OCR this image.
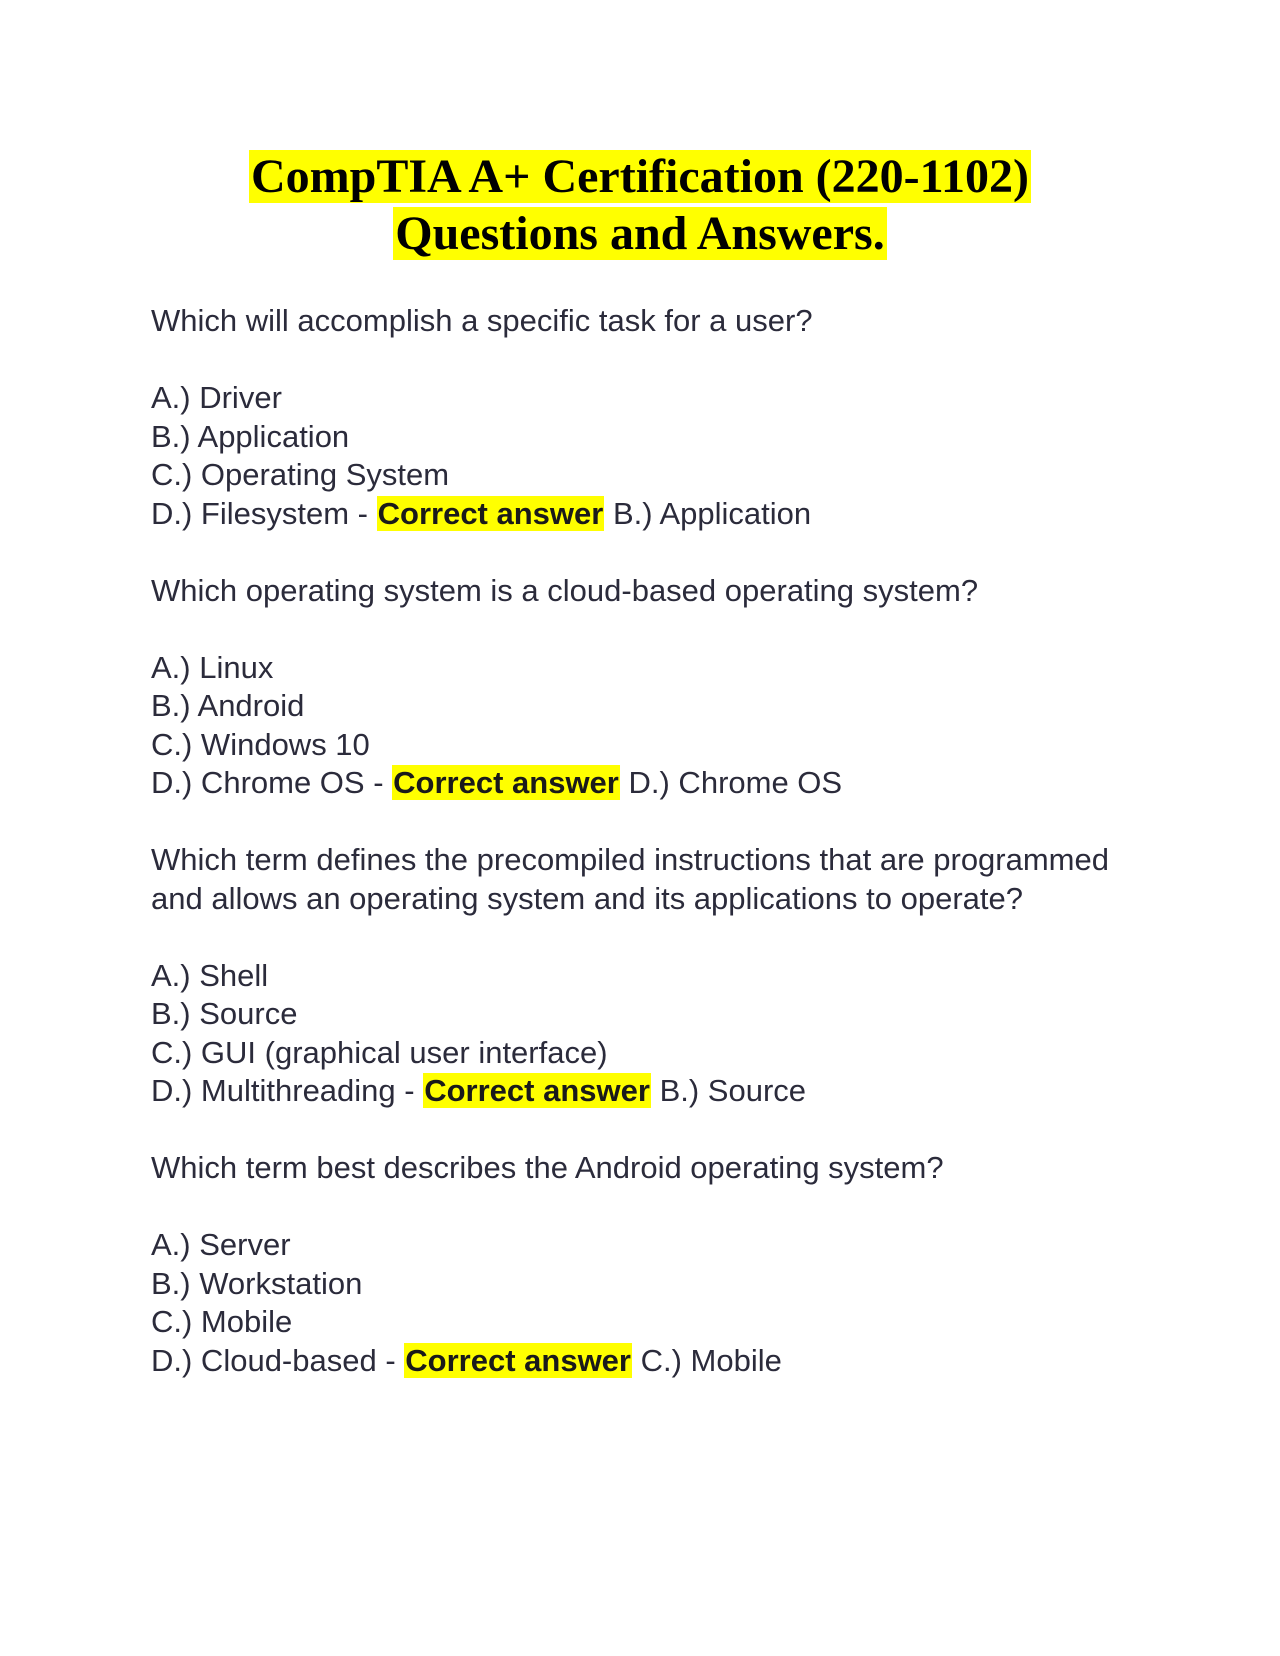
CompTIA A+ Certification (220-1102)
Questions and Answers.
Which will accomplish a specific task for a user?
A.) Driver
B.) Application
C.) Operating System
D.) Filesystem - Correct answer B.) Application
Which operating system is a cloud-based operating system?
A.) Linux
B.) Android
C.) Windows 10
D.) Chrome OS - Correct answer D.) Chrome OS
Which term defines the precompiled instructions that are programmed and allows an operating system and its applications to operate?
A.) Shell
B.) Source
C.) GUI (graphical user interface)
D.) Multithreading - Correct answer B.) Source
Which term best describes the Android operating system?
A.) Server
B.) Workstation
C.) Mobile
D.) Cloud-based - Correct answer C.) Mobile
